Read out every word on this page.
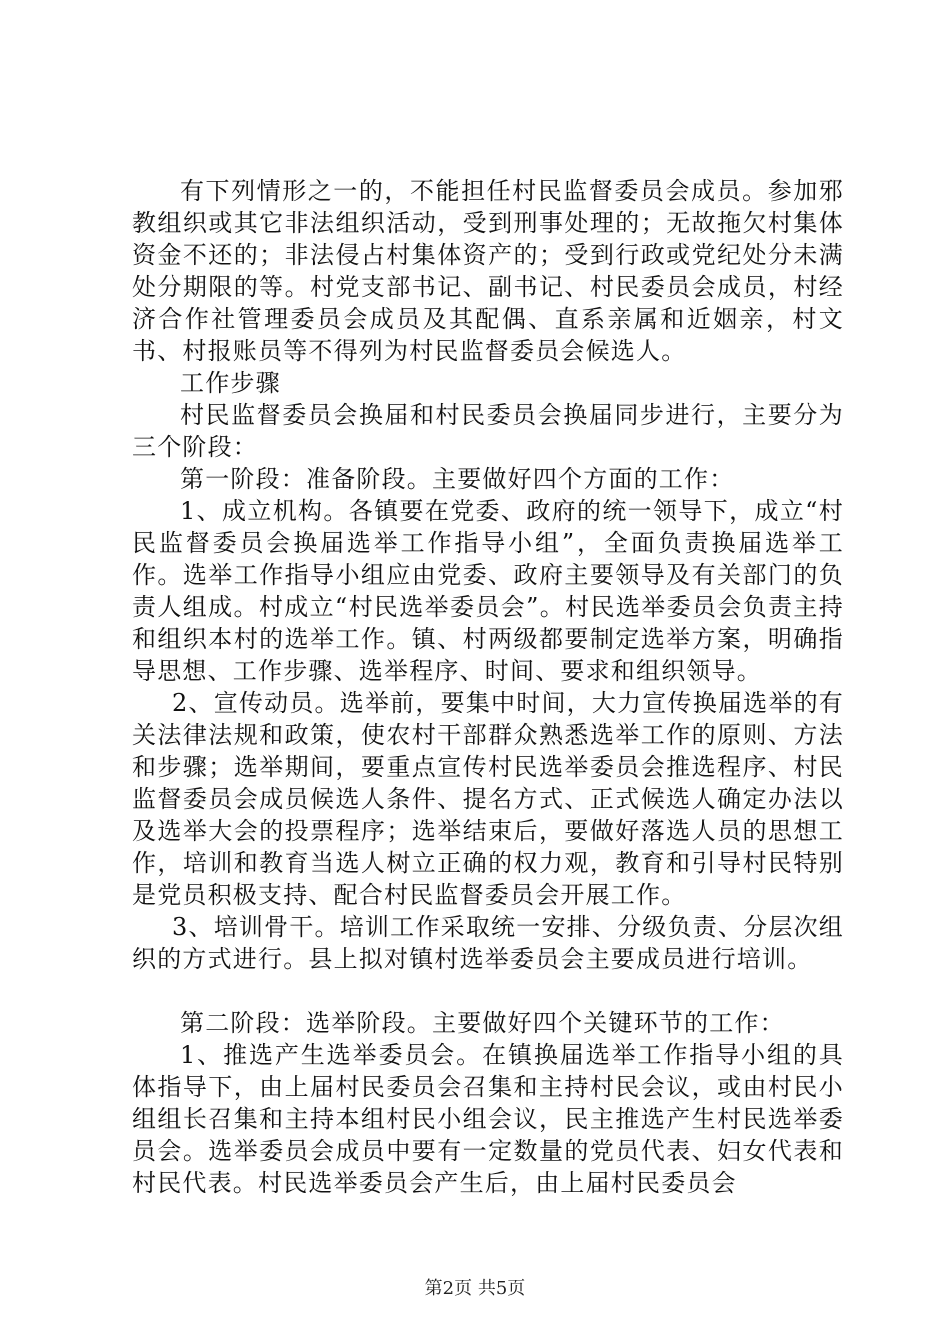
有下列情形之一的，不能担任村民监督委员会成员。参加邪教组织或其它非法组织活动，受到刑事处理的；无故拖欠村集体资金不还的；非法侵占村集体资产的；受到行政或党纪处分未满处分期限的等。村党支部书记、副书记、村民委员会成员，村经济合作社管理委员会成员及其配偶、直系亲属和近姻亲，村文书、村报账员等不得列为村民监督委员会候选人。

工作步骤

村民监督委员会换届和村民委员会换届同步进行，主要分为三个阶段：

第一阶段：准备阶段。主要做好四个方面的工作：

1、成立机构。各镇要在党委、政府的统一领导下，成立“村民监督委员会换届选举工作指导小组”，全面负责换届选举工作。选举工作指导小组应由党委、政府主要领导及有关部门的负责人组成。村成立“村民选举委员会”。村民选举委员会负责主持和组织本村的选举工作。镇、村两级都要制定选举方案，明确指导思想、工作步骤、选举程序、时间、要求和组织领导。

2、宣传动员。选举前，要集中时间，大力宣传换届选举的有关法律法规和政策，使农村干部群众熟悉选举工作的原则、方法和步骤；选举期间，要重点宣传村民选举委员会推选程序、村民监督委员会成员候选人条件、提名方式、正式候选人确定办法以及选举大会的投票程序；选举结束后，要做好落选人员的思想工作，培训和教育当选人树立正确的权力观，教育和引导村民特别是党员积极支持、配合村民监督委员会开展工作。

3、培训骨干。培训工作采取统一安排、分级负责、分层次组织的方式进行。县上拟对镇村选举委员会主要成员进行培训。

第二阶段：选举阶段。主要做好四个关键环节的工作：

1、推选产生选举委员会。在镇换届选举工作指导小组的具体指导下，由上届村民委员会召集和主持村民会议，或由村民小组组长召集和主持本组村民小组会议，民主推选产生村民选举委员会。选举委员会成员中要有一定数量的党员代表、妇女代表和村民代表。村民选举委员会产生后，由上届村民委员会

第2页 共5页
